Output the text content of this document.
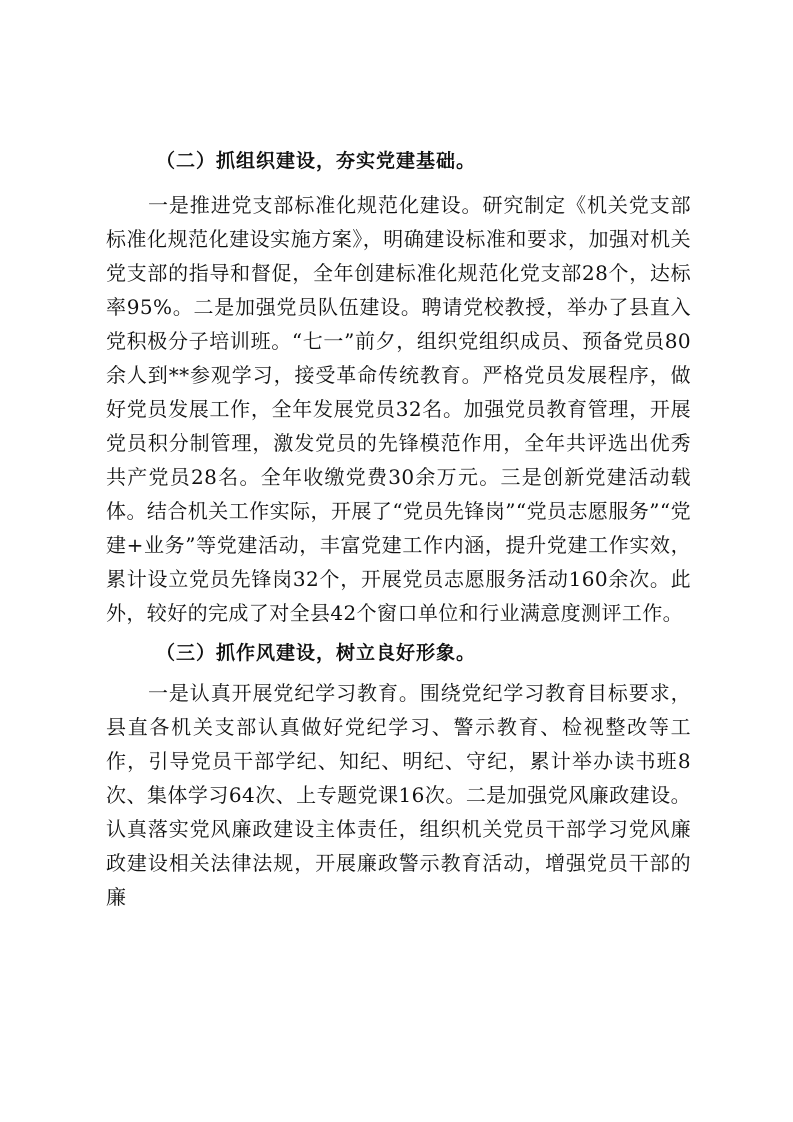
（二）抓组织建设，夯实党建基础。

一是推进党支部标准化规范化建设。研究制定《机关党支部标准化规范化建设实施方案》，明确建设标准和要求，加强对机关党支部的指导和督促，全年创建标准化规范化党支部28个，达标率95%。二是加强党员队伍建设。聘请党校教授，举办了县直入党积极分子培训班。“七一”前夕，组织党组织成员、预备党员80余人到**参观学习，接受革命传统教育。严格党员发展程序，做好党员发展工作，全年发展党员32名。加强党员教育管理，开展党员积分制管理，激发党员的先锋模范作用，全年共评选出优秀共产党员28名。全年收缴党费30余万元。三是创新党建活动载体。结合机关工作实际，开展了“党员先锋岗”“党员志愿服务”“党建+业务”等党建活动，丰富党建工作内涵，提升党建工作实效，累计设立党员先锋岗32个，开展党员志愿服务活动160余次。此外，较好的完成了对全县42个窗口单位和行业满意度测评工作。

（三）抓作风建设，树立良好形象。

一是认真开展党纪学习教育。围绕党纪学习教育目标要求，县直各机关支部认真做好党纪学习、警示教育、检视整改等工作，引导党员干部学纪、知纪、明纪、守纪，累计举办读书班8次、集体学习64次、上专题党课16次。二是加强党风廉政建设。认真落实党风廉政建设主体责任，组织机关党员干部学习党风廉政建设相关法律法规，开展廉政警示教育活动，增强党员干部的廉
